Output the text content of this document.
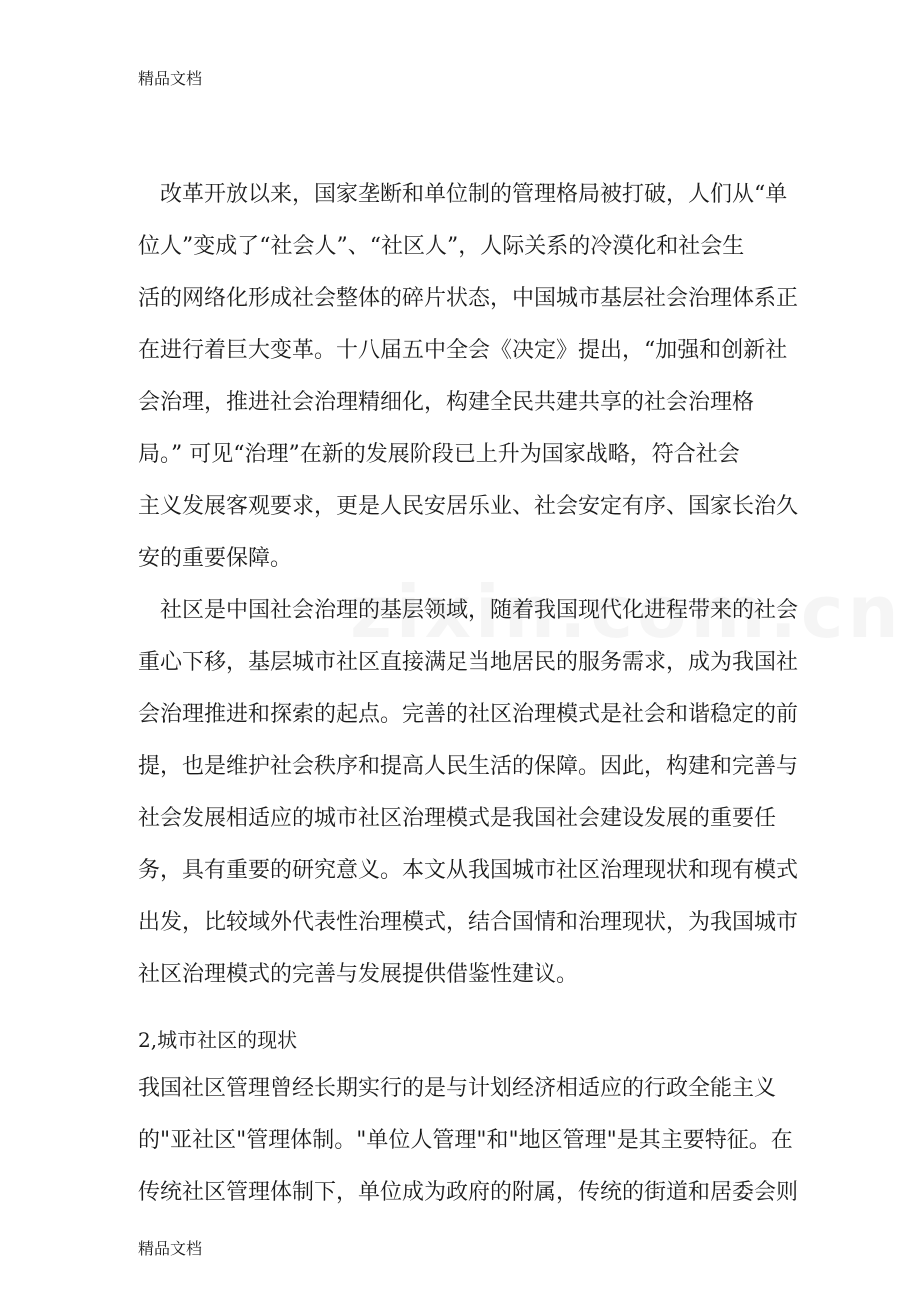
精品文档
　改革开放以来，国家垄断和单位制的管理格局被打破，人们从“单
位人”变成了“社会人”、“社区人”，人际关系的冷漠化和社会生
活的网络化形成社会整体的碎片状态，中国城市基层社会治理体系正
在进行着巨大变革。十八届五中全会《决定》提出，“加强和创新社
会治理，推进社会治理精细化，构建全民共建共享的社会治理格
局。” 可见“治理”在新的发展阶段已上升为国家战略，符合社会
主义发展客观要求，更是人民安居乐业、社会安定有序、国家长治久
安的重要保障。
　社区是中国社会治理的基层领域，随着我国现代化进程带来的社会
重心下移，基层城市社区直接满足当地居民的服务需求，成为我国社
会治理推进和探索的起点。完善的社区治理模式是社会和谐稳定的前
提，也是维护社会秩序和提高人民生活的保障。因此，构建和完善与
社会发展相适应的城市社区治理模式是我国社会建设发展的重要任
务，具有重要的研究意义。本文从我国城市社区治理现状和现有模式
出发，比较域外代表性治理模式，结合国情和治理现状，为我国城市
社区治理模式的完善与发展提供借鉴性建议。
2,城市社区的现状
我国社区管理曾经长期实行的是与计划经济相适应的行政全能主义
的"亚社区"管理体制。"单位人管理"和"地区管理"是其主要特征。在
传统社区管理体制下，单位成为政府的附属，传统的街道和居委会则
精品文档
